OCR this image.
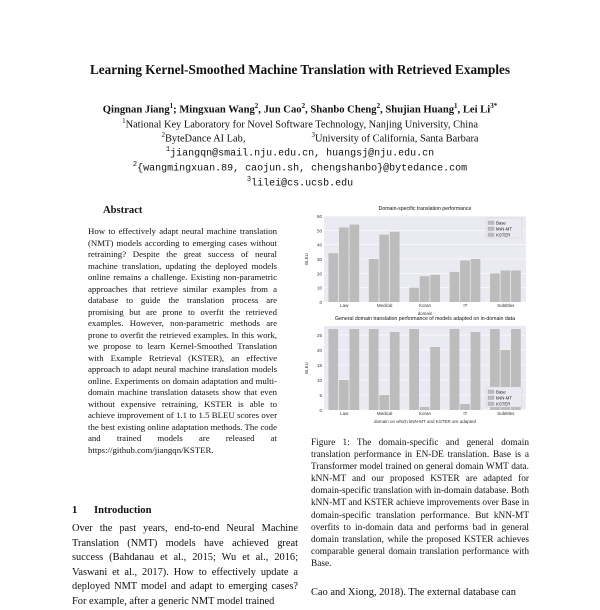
Learning Kernel-Smoothed Machine Translation with Retrieved Examples
Qingnan Jiang$^1$; Mingxuan Wang$^2$, Jun Cao$^2$, Shanbo Cheng$^2$, Shujian Huang$^1$, Lei $Li^{3*}$
$^1$National Key Laboratory for Novel Software Technology, Nanjing University, China
$^2$ByteDance AI Lab,	$^3$University of California, Santa Barbara
$^1$jiangqn@smail.nju.edu.cn, huangsj@nju.edu.cn
$^2${wangmingxuan.89, caojun.sh, chengshanbo}@bytedance.com
$^3$lilei@cs.ucsb.edu
Abstract
How to effectively adapt neural machine translation (NMT) models according to emerging cases without retraining? Despite the great success of neural machine translation, updating the deployed models online remains a challenge. Existing non-parametric approaches that retrieve similar examples from a database to guide the translation process are promising but are prone to overfit the retrieved examples. However, non-parametric methods are prone to overfit the retrieved examples. In this work, we propose to learn Kernel-Smoothed Translation with Example Retrieval (KSTER), an effective approach to adapt neural machine translation models online. Experiments on domain adaptation and multi-domain machine translation datasets show that even without expensive retraining, KSTER is able to achieve improvement of 1.1 to 1.5 BLEU scores over the best existing online adaptation methods. The code and trained models are released at https://github.com/jiangqn/KSTER.
1 Introduction
Over the past years, end-to-end Neural Machine Translation (NMT) models have achieved great success (Bahdanau et al., 2015; Wu et al., 2016; Vaswani et al., 2017). How to effectively update a deployed NMT model and adapt to emerging cases? For example, after a generic NMT model trained
0
10
20
30
40
50
60
Domain-specific translation performance
BLEU
Law	Medical	Koran	IT	Subtitles
domain
Base
kNN-MT
KSTER
0
5
10
15
20
25
General domain translation performance of models adapted on in-domain data
BLEU
Law	Medical	Koran	IT	Subtitles
domain on which kNN-MT and KSTER are adapted
Base
kNN-MT
KSTER
Figure 1: The domain-specific and general domain translation performance in EN-DE translation. Base is a Transformer model trained on general domain WMT data. kNN-MT and our proposed KSTER are adapted for domain-specific translation with in-domain database. Both kNN-MT and KSTER achieve improvements over Base in domain-specific translation performance. But kNN-MT overfits to in-domain data and performs bad in general domain translation, while the proposed KSTER achieves comparable general domain translation performance with Base.
Cao and Xiong, 2018). The external database can
